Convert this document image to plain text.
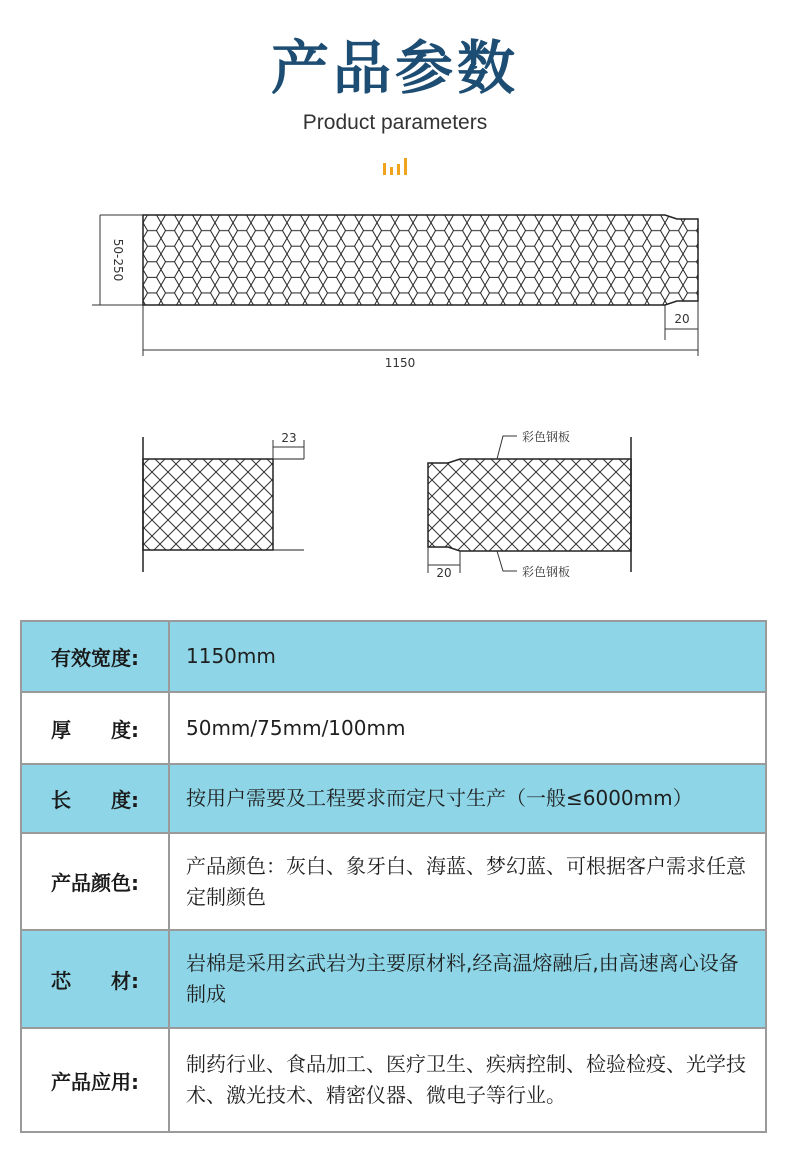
产品参数
Product parameters
50-250
1150
20
23
20
彩色钢板
彩色钢板
有效宽度:	1150mm
厚　　度:	50mm/75mm/100mm
长　　度:	按用户需要及工程要求而定尺寸生产（一般≤6000mm）
产品颜色:	产品颜色：灰白、象牙白、海蓝、梦幻蓝、可根据客户需求任意定制颜色
芯　　材:	岩棉是采用玄武岩为主要原材料,经高温熔融后,由高速离心设备制成
产品应用:	制药行业、食品加工、医疗卫生、疾病控制、检验检疫、光学技术、激光技术、精密仪器、微电子等行业。
